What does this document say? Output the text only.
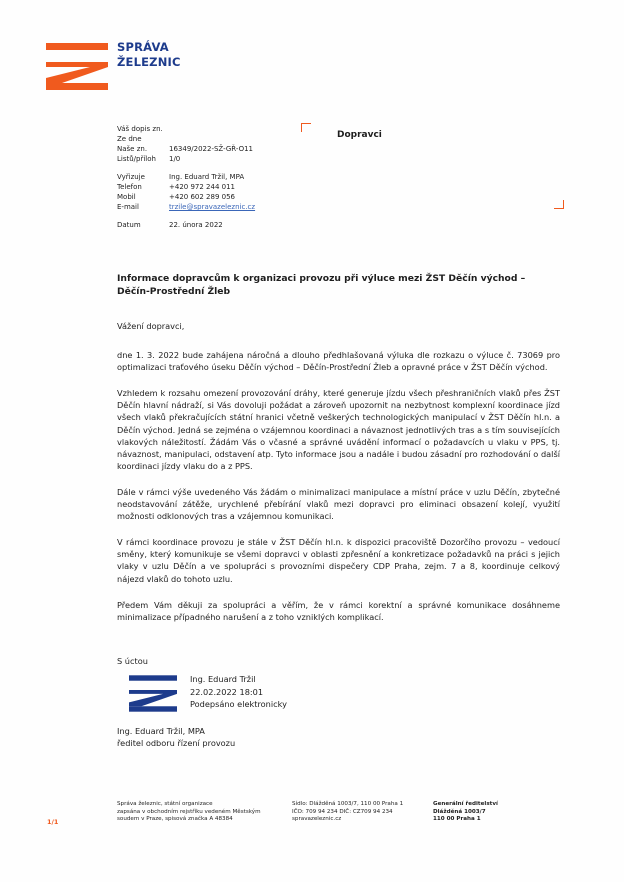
SPRÁVA
ŽELEZNIC
Váš dopis zn.
Ze dne
Naše zn.	16349/2022-SŽ-GŘ-O11
Listů/příloh	1/0
Vyřizuje	Ing. Eduard Tržil, MPA
Telefon	+420 972 244 011
Mobil	+420 602 289 056
E-mail	trzile@spravazeleznic.cz
Datum	22. února 2022
Dopravci
Informace dopravcům k organizaci provozu při výluce mezi ŽST Děčín východ – Děčín-Prostřední Žleb

Vážení dopravci,

dne 1. 3. 2022 bude zahájena náročná a dlouho předhlašovaná výluka dle rozkazu o výluce č. 73069 pro optimalizaci traťového úseku Děčín východ – Děčín-Prostřední Žleb a opravné práce v ŽST Děčín východ.

Vzhledem k rozsahu omezení provozování dráhy, které generuje jízdu všech přeshraničních vlaků přes ŽST Děčín hlavní nádraží, si Vás dovoluji požádat a zároveň upozornit na nezbytnost komplexní koordinace jízd všech vlaků překračujících státní hranici včetně veškerých technologických manipulací v ŽST Děčín hl.n. a Děčín východ. Jedná se zejména o vzájemnou koordinaci a návaznost jednotlivých tras a s tím souvisejících vlakových náležitostí. Žádám Vás o včasné a správné uvádění informací o požadavcích u vlaku v PPS, tj. návaznost, manipulaci, odstavení atp. Tyto informace jsou a nadále i budou zásadní pro rozhodování o další koordinaci jízdy vlaku do a z PPS.

Dále v rámci výše uvedeného Vás žádám o minimalizaci manipulace a místní práce v uzlu Děčín, zbytečné neodstavování zátěže, urychlené přebírání vlaků mezi dopravci pro eliminaci obsazení kolejí, využití možnosti odklonových tras a vzájemnou komunikaci.

V rámci koordinace provozu je stále v ŽST Děčín hl.n. k dispozici pracoviště Dozorčího provozu – vedoucí směny, který komunikuje se všemi dopravci v oblasti zpřesnění a konkretizace požadavků na práci s jejich vlaky v uzlu Děčín a ve spolupráci s provozními dispečery CDP Praha, zejm. 7 a 8, koordinuje celkový nájezd vlaků do tohoto uzlu.

Předem Vám děkuji za spolupráci a věřím, že v rámci korektní a správné komunikace dosáhneme minimalizace případného narušení a z toho vzniklých komplikací.

S úctou
Ing. Eduard Tržil
22.02.2022 18:01
Podepsáno elektronicky
Ing. Eduard Tržil, MPA
ředitel odboru řízení provozu
1/1
Správa železnic, státní organizace
zapsána v obchodním rejstříku vedeném Městským
soudem v Praze, spisová značka A 48384
Sídlo: Dlážděná 1003/7, 110 00 Praha 1
IČO: 709 94 234 DIČ: CZ709 94 234
spravazeleznic.cz
Generální ředitelství
Dlážděná 1003/7
110 00 Praha 1
